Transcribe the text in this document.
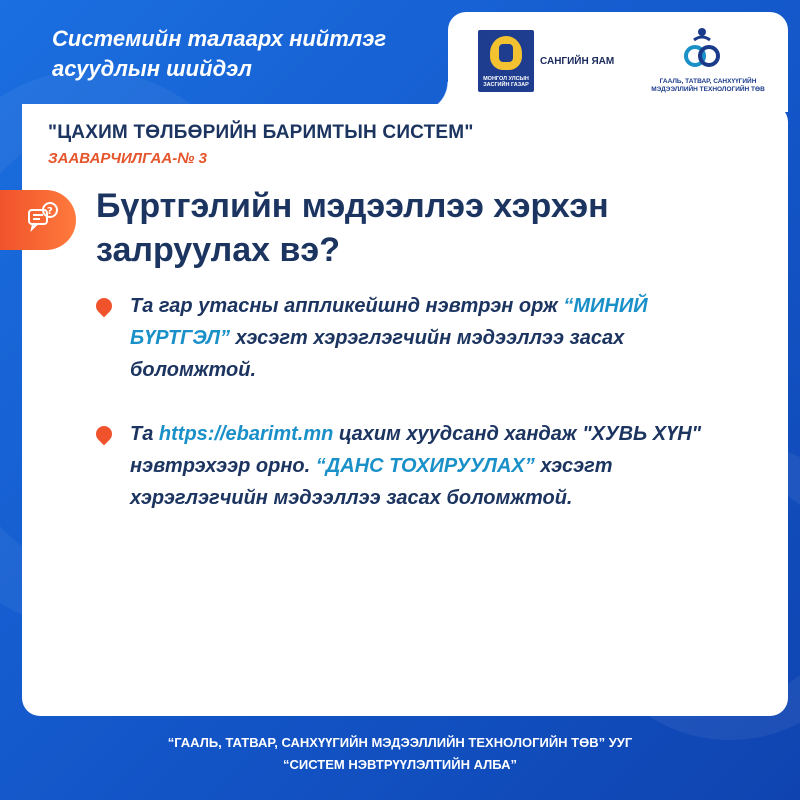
Системийн талаарх нийтлэг
асуудлын шийдэл	МОНГОЛ УЛСЫН
ЗАСГИЙН ГАЗАР
САНГИЙН ЯАМ
ГААЛЬ, ТАТВАР, САНХҮҮГИЙН
МЭДЭЭЛЛИЙН ТЕХНОЛОГИЙН ТӨВ
"ЦАХИМ ТӨЛБӨРИЙН БАРИМТЫН СИСТЕМ"
ЗААВАРЧИЛГАА-№ 3
? Бүртгэлийн мэдээллээ хэрхэн
залруулах вэ?
Та гар утасны аппликейшнд нэвтрэн орж “МИНИЙ БҮРТГЭЛ” хэсэгт хэрэглэгчийн мэдээллээ засах боломжтой.
Та https://ebarimt.mn цахим хуудсанд хандаж "ХУВЬ ХҮН" нэвтрэхээр орно. “ДАНС ТОХИРУУЛАХ” хэсэгт хэрэглэгчийн мэдээллээ засах боломжтой.
“ГААЛЬ, ТАТВАР, САНХҮҮГИЙН МЭДЭЭЛЛИЙН ТЕХНОЛОГИЙН ТӨВ” УУГ
“СИСТЕМ НЭВТРҮҮЛЭЛТИЙН АЛБА”
